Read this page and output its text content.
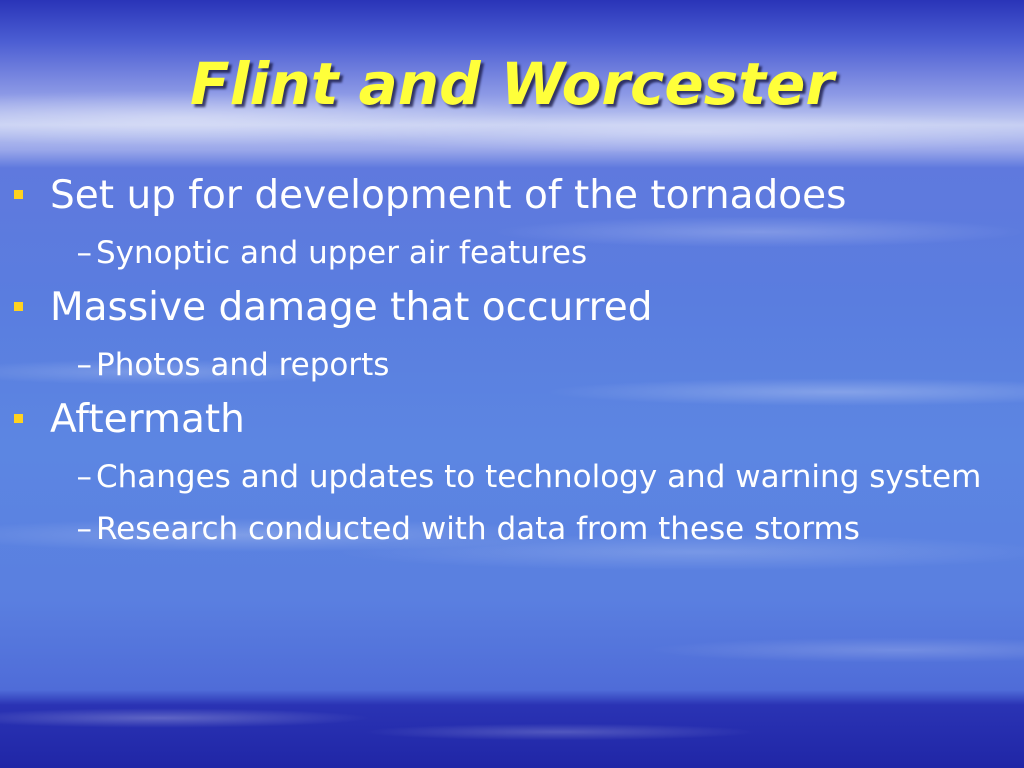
Flint and Worcester
Set up for development of the tornadoes
– Synoptic and upper air features
Massive damage that occurred
– Photos and reports
Aftermath
– Changes and updates to technology and warning system
– Research conducted with data from these storms
